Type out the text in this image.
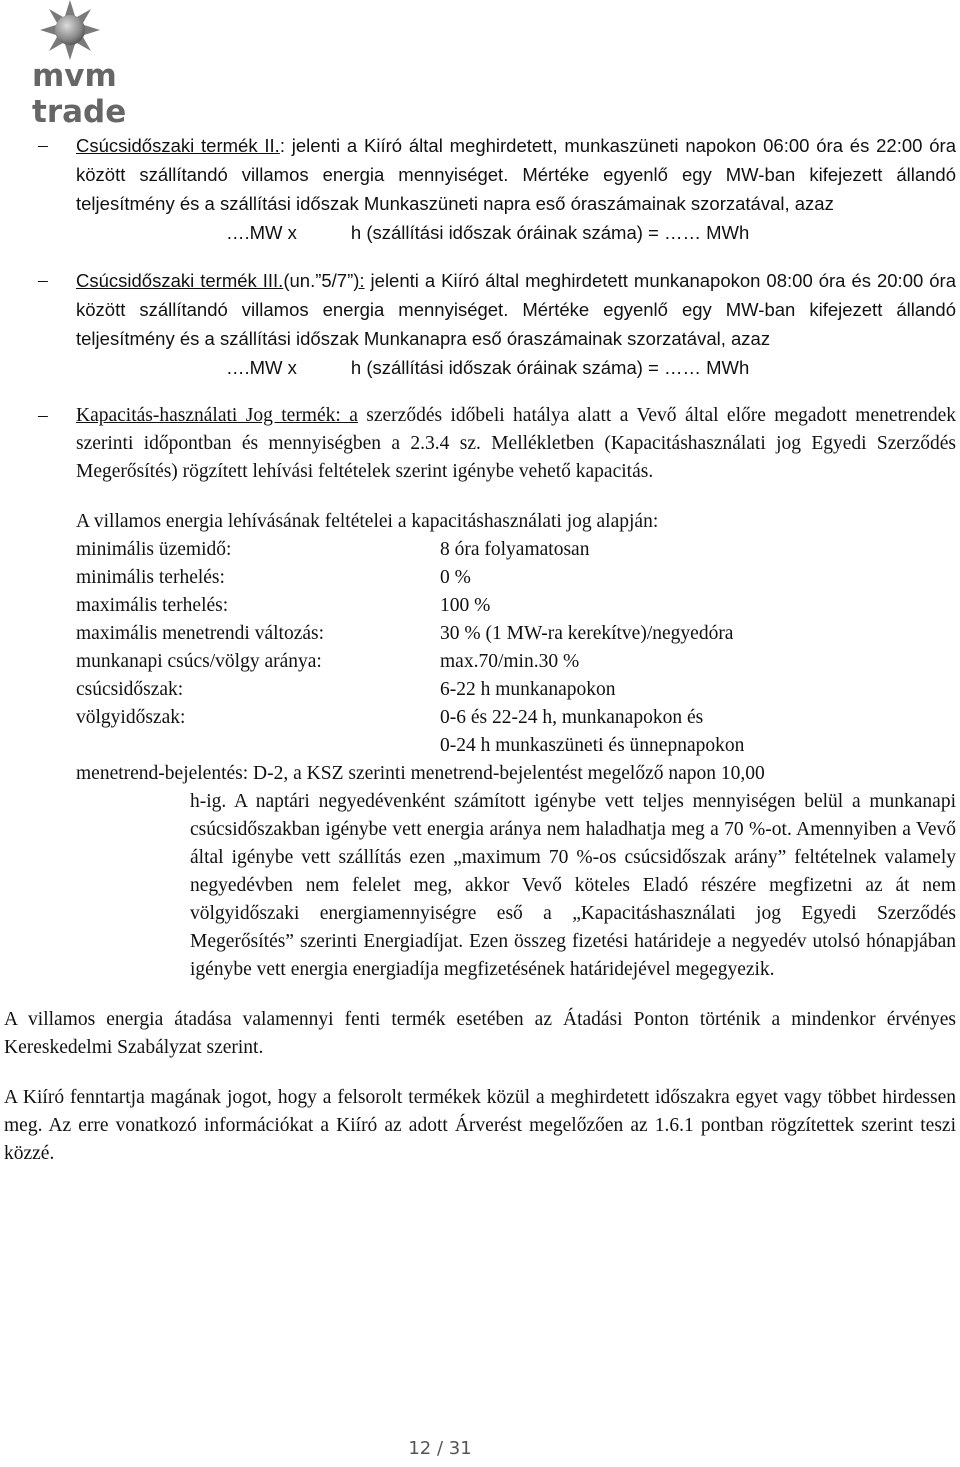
mvm trade
– Csúcsidőszaki termék II.: jelenti a Kiíró által meghirdetett, munkaszüneti napokon 06:00 óra és 22:00 óra között szállítandó villamos energia mennyiséget. Mértéke egyenlő egy MW-ban kifejezett állandó teljesítmény és a szállítási időszak Munkaszüneti napra eső óraszámainak szorzatával, azaz
….MW x	h (szállítási időszak óráinak száma) = …… MWh
– Csúcsidőszaki termék III.(un.”5/7”): jelenti a Kiíró által meghirdetett munkanapokon 08:00 óra és 20:00 óra között szállítandó villamos energia mennyiséget. Mértéke egyenlő egy MW-ban kifejezett állandó teljesítmény és a szállítási időszak Munkanapra eső óraszámainak szorzatával, azaz
….MW x	h (szállítási időszak óráinak száma) = …… MWh
– Kapacitás-használati Jog termék: a szerződés időbeli hatálya alatt a Vevő által előre megadott menetrendek szerinti időpontban és mennyiségben a 2.3.4 sz. Mellékletben (Kapacitáshasználati jog Egyedi Szerződés Megerősítés) rögzített lehívási feltételek szerint igénybe vehető kapacitás.
A villamos energia lehívásának feltételei a kapacitáshasználati jog alapján:
minimális üzemidő:	8 óra folyamatosan
minimális terhelés:	0 %
maximális terhelés:	100 %
maximális menetrendi változás:	30 % (1 MW-ra kerekítve)/negyedóra
munkanapi csúcs/völgy aránya:	max.70/min.30 %
csúcsidőszak:	6-22 h munkanapokon
völgyidőszak:	0-6 és 22-24 h, munkanapokon és
0-24 h munkaszüneti és ünnepnapokon
menetrend-bejelentés: D-2, a KSZ szerinti menetrend-bejelentést megelőző napon 10,00
h-ig. A naptári negyedévenként számított igénybe vett teljes mennyiségen belül a munkanapi csúcsidőszakban igénybe vett energia aránya nem haladhatja meg a 70 %-ot. Amennyiben a Vevő által igénybe vett szállítás ezen „maximum 70 %-os csúcsidőszak arány” feltételnek valamely negyedévben nem felelet meg, akkor Vevő köteles Eladó részére megfizetni az át nem völgyidőszaki energiamennyiségre eső a „Kapacitáshasználati jog Egyedi Szerződés Megerősítés” szerinti Energiadíjat. Ezen összeg fizetési határideje a negyedév utolsó hónapjában igénybe vett energia energiadíja megfizetésének határidejével megegyezik.
A villamos energia átadása valamennyi fenti termék esetében az Átadási Ponton történik a mindenkor érvényes Kereskedelmi Szabályzat szerint.
A Kiíró fenntartja magának jogot, hogy a felsorolt termékek közül a meghirdetett időszakra egyet vagy többet hirdessen meg. Az erre vonatkozó információkat a Kiíró az adott Árverést megelőzően az 1.6.1 pontban rögzítettek szerint teszi közzé.
12 / 31
